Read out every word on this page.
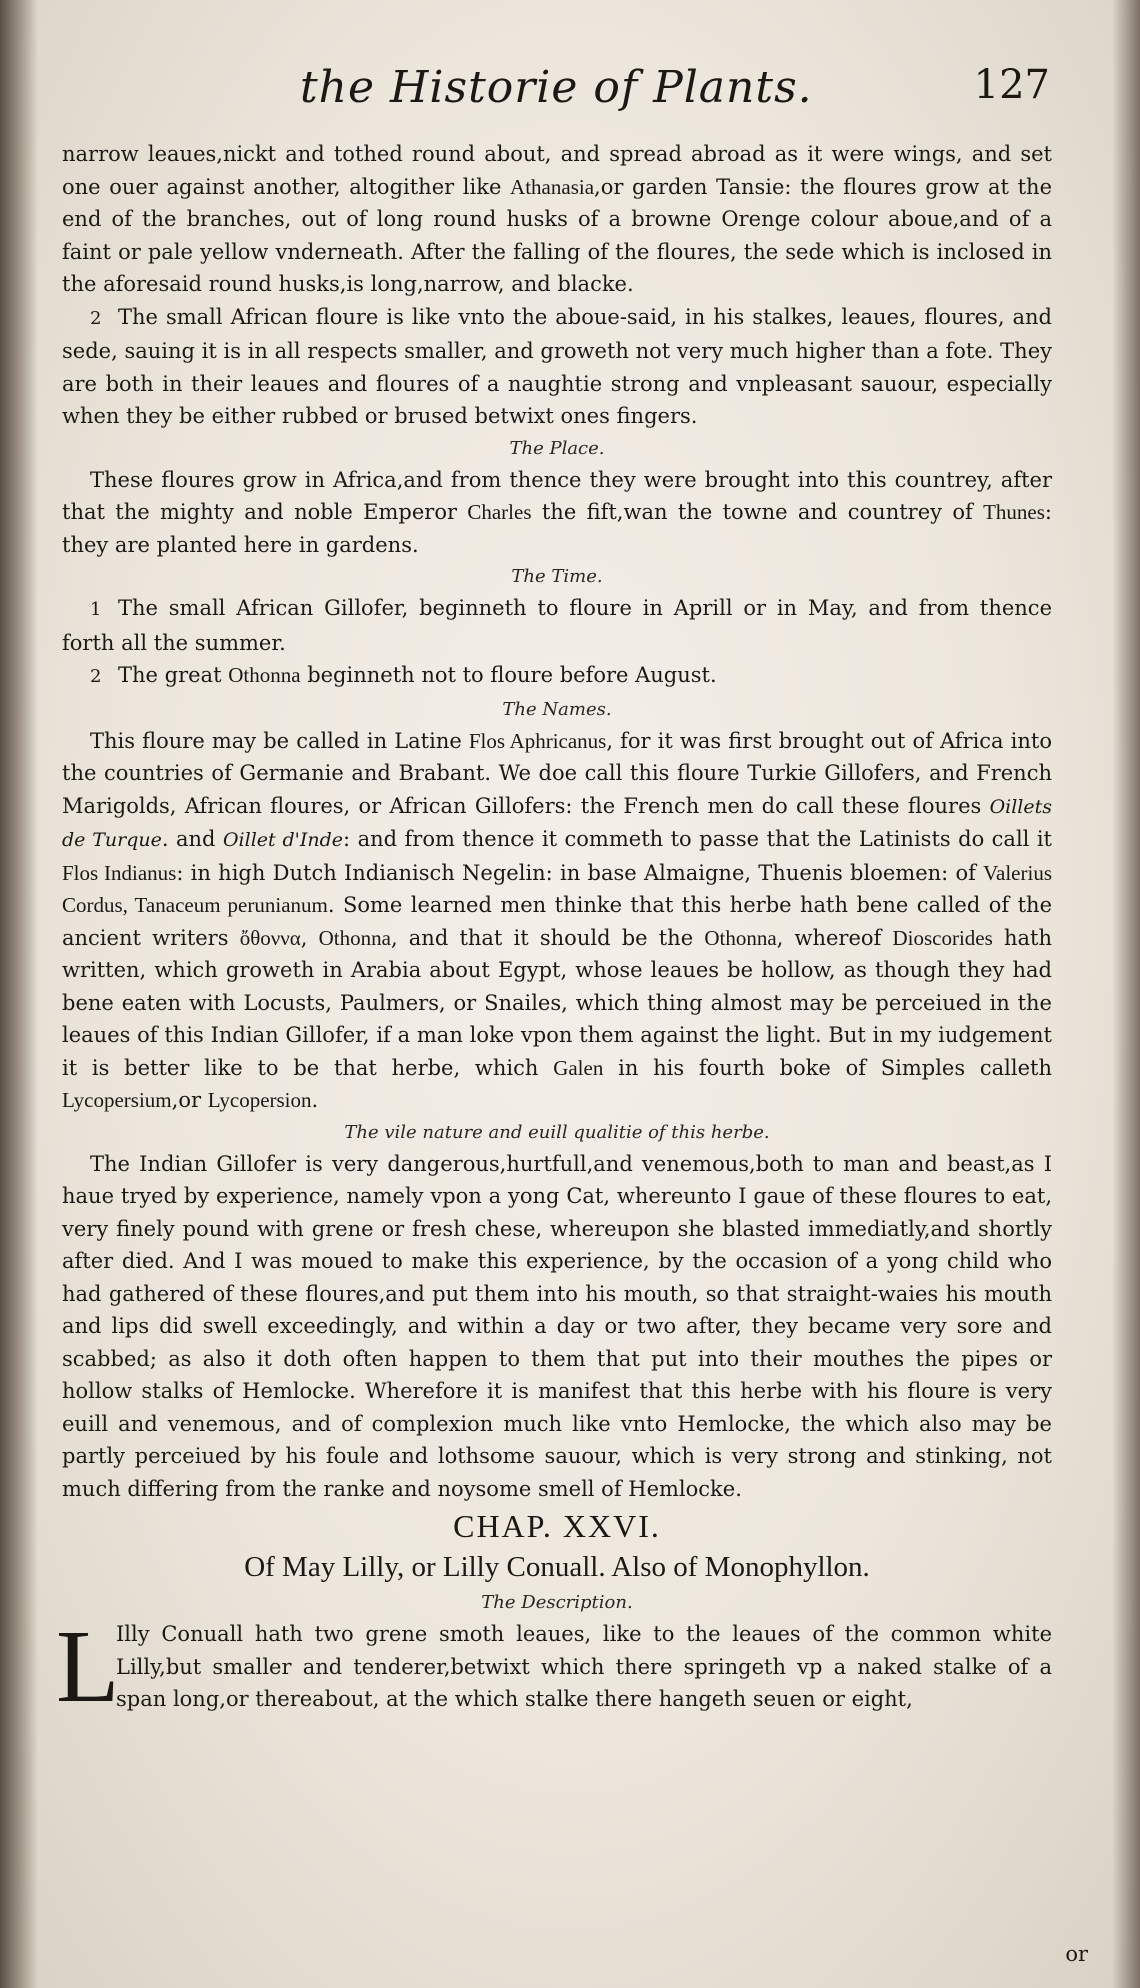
the Historie of Plants.	127

narrow leaues,nickt and tothed round about, and spread abroad as it were wings, and set one ouer against another, altogither like Athanasia,or garden Tansie: the floures grow at the end of the branches, out of long round husks of a browne Orenge colour aboue,and of a faint or pale yellow vnderneath. After the falling of the floures, the sede which is inclosed in the aforesaid round husks,is long,narrow, and blacke.

2 The small African floure is like vnto the aboue-said, in his stalkes, leaues, floures, and sede, sauing it is in all respects smaller, and groweth not very much higher than a fote. They are both in their leaues and floures of a naughtie strong and vnpleasant sauour, especially when they be either rubbed or brused betwixt ones fingers.

The Place.

These floures grow in Africa,and from thence they were brought into this countrey, after that the mighty and noble Emperor Charles the fift,wan the towne and countrey of Thunes: they are planted here in gardens.

The Time.

1 The small African Gillofer, beginneth to floure in Aprill or in May, and from thence forth all the summer.

2 The great Othonna beginneth not to floure before August.

The Names.

This floure may be called in Latine Flos Aphricanus, for it was first brought out of Africa into the countries of Germanie and Brabant. We doe call this floure Turkie Gillofers, and French Marigolds, African floures, or African Gillofers: the French men do call these floures Oillets de Turque. and Oillet d'Inde: and from thence it commeth to passe that the Latinists do call it Flos Indianus: in high Dutch Indianisch Negelin: in base Almaigne, Thuenis bloemen: of Valerius Cordus, Tanaceum perunianum. Some learned men thinke that this herbe hath bene called of the ancient writers ὄθοννα, Othonna, and that it should be the Othonna, whereof Dioscorides hath written, which groweth in Arabia about Egypt, whose leaues be hollow, as though they had bene eaten with Locusts, Paulmers, or Snailes, which thing almost may be perceiued in the leaues of this Indian Gillofer, if a man loke vpon them against the light. But in my iudgement it is better like to be that herbe, which Galen in his fourth boke of Simples calleth Lycopersium,or Lycopersion.

The vile nature and euill qualitie of this herbe.

The Indian Gillofer is very dangerous,hurtfull,and venemous,both to man and beast,as I haue tryed by experience, namely vpon a yong Cat, whereunto I gaue of these floures to eat, very finely pound with grene or fresh chese, whereupon she blasted immediatly,and shortly after died. And I was moued to make this experience, by the occasion of a yong child who had gathered of these floures,and put them into his mouth, so that straight-waies his mouth and lips did swell exceedingly, and within a day or two after, they became very sore and scabbed; as also it doth often happen to them that put into their mouthes the pipes or hollow stalks of Hemlocke. Wherefore it is manifest that this herbe with his floure is very euill and venemous, and of complexion much like vnto Hemlocke, the which also may be partly perceiued by his foule and lothsome sauour, which is very strong and stinking, not much differing from the ranke and noysome smell of Hemlocke.

CHAP. XXVI.

Of May Lilly, or Lilly Conuall. Also of Monophyllon.

The Description.

L
Illy Conuall hath two grene smoth leaues, like to the leaues of the common white Lilly,but smaller and tenderer,betwixt which there springeth vp a naked stalke of a span long,or thereabout, at the which stalke there hangeth seuen or eight,

or
